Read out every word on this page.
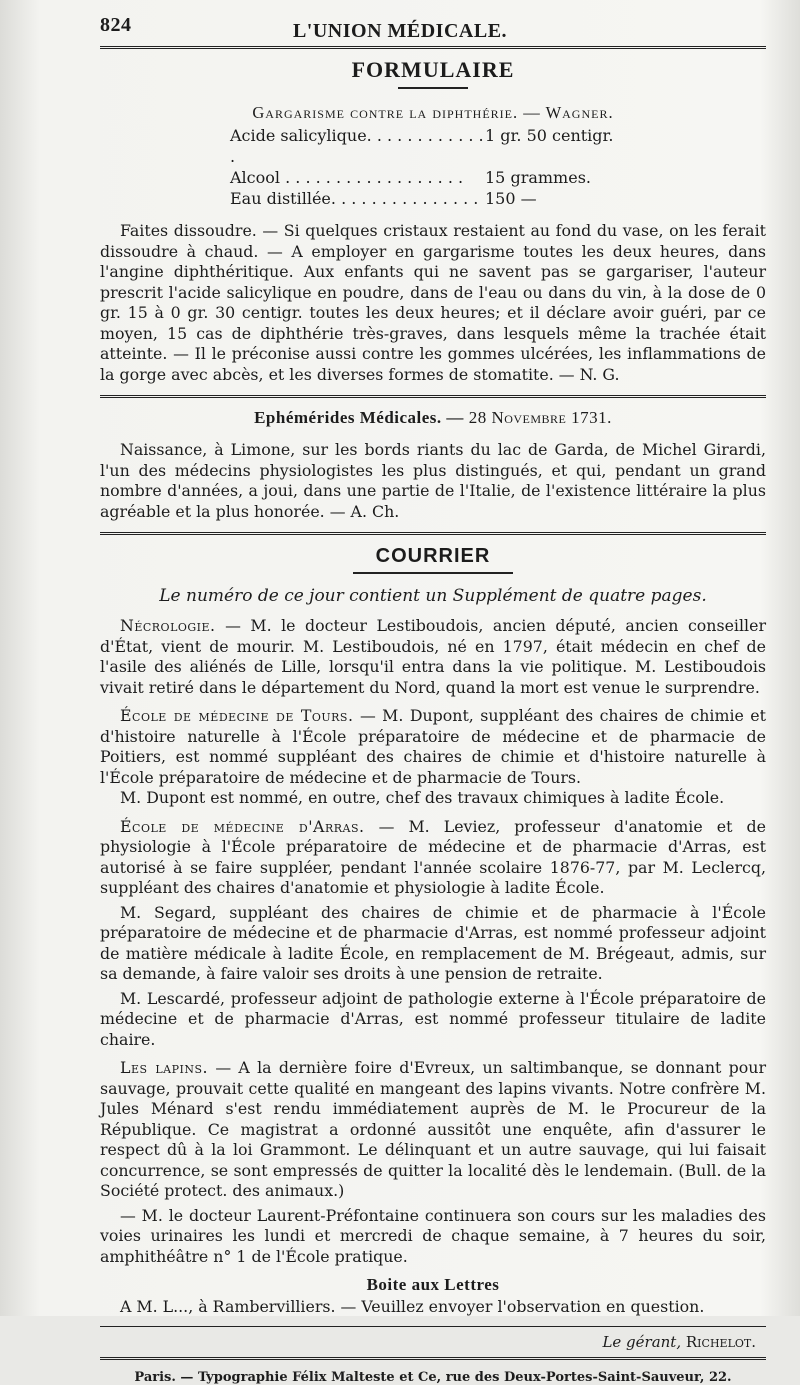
824	L'UNION MÉDICALE.
FORMULAIRE
Gargarisme contre la diphthérie. — Wagner.
Acide salicylique. . . . . . . . . . . . .
1 gr. 50 centigr.
Alcool . . . . . . . . . . . . . . . . . .	15 grammes.
Eau distillée. . . . . . . . . . . . . . . 150 —

Faites dissoudre. — Si quelques cristaux restaient au fond du vase, on les ferait dissoudre à chaud. — A employer en gargarisme toutes les deux heures, dans l'angine diphthéritique. Aux enfants qui ne savent pas se gargariser, l'auteur prescrit l'acide salicylique en poudre, dans de l'eau ou dans du vin, à la dose de 0 gr. 15 à 0 gr. 30 centigr. toutes les deux heures; et il déclare avoir guéri, par ce moyen, 15 cas de diphthérie très-graves, dans lesquels même la trachée était atteinte. — Il le préconise aussi contre les gommes ulcérées, les inflammations de la gorge avec abcès, et les diverses formes de stomatite. — N. G.

Ephémérides Médicales. — 28 Novembre 1731.

Naissance, à Limone, sur les bords riants du lac de Garda, de Michel Girardi, l'un des médecins physiologistes les plus distingués, et qui, pendant un grand nombre d'années, a joui, dans une partie de l'Italie, de l'existence littéraire la plus agréable et la plus honorée. — A. Ch.

COURRIER
Le numéro de ce jour contient un Supplément de quatre pages.

Nécrologie. — M. le docteur Lestiboudois, ancien député, ancien conseiller d'État, vient de mourir. M. Lestiboudois, né en 1797, était médecin en chef de l'asile des aliénés de Lille, lorsqu'il entra dans la vie politique. M. Lestiboudois vivait retiré dans le département du Nord, quand la mort est venue le surprendre.

École de médecine de Tours. — M. Dupont, suppléant des chaires de chimie et d'histoire naturelle à l'École préparatoire de médecine et de pharmacie de Poitiers, est nommé suppléant des chaires de chimie et d'histoire naturelle à l'École préparatoire de médecine et de pharmacie de Tours.

M. Dupont est nommé, en outre, chef des travaux chimiques à ladite École.

École de médecine d'Arras. — M. Leviez, professeur d'anatomie et de physiologie à l'École préparatoire de médecine et de pharmacie d'Arras, est autorisé à se faire suppléer, pendant l'année scolaire 1876-77, par M. Leclercq, suppléant des chaires d'anatomie et physiologie à ladite École.

M. Segard, suppléant des chaires de chimie et de pharmacie à l'École préparatoire de médecine et de pharmacie d'Arras, est nommé professeur adjoint de matière médicale à ladite École, en remplacement de M. Brégeaut, admis, sur sa demande, à faire valoir ses droits à une pension de retraite.

M. Lescardé, professeur adjoint de pathologie externe à l'École préparatoire de médecine et de pharmacie d'Arras, est nommé professeur titulaire de ladite chaire.

Les lapins. — A la dernière foire d'Evreux, un saltimbanque, se donnant pour sauvage, prouvait cette qualité en mangeant des lapins vivants. Notre confrère M. Jules Ménard s'est rendu immédiatement auprès de M. le Procureur de la République. Ce magistrat a ordonné aussitôt une enquête, afin d'assurer le respect dû à la loi Grammont. Le délinquant et un autre sauvage, qui lui faisait concurrence, se sont empressés de quitter la localité dès le lendemain. (Bull. de la Société protect. des animaux.)

— M. le docteur Laurent-Préfontaine continuera son cours sur les maladies des voies urinaires les lundi et mercredi de chaque semaine, à 7 heures du soir, amphithéâtre n° 1 de l'École pratique.

Boite aux Lettres

A M. L..., à Rambervilliers. — Veuillez envoyer l'observation en question.

Le gérant, Richelot.
Paris. — Typographie Félix Malteste et Ce, rue des Deux-Portes-Saint-Sauveur, 22.
